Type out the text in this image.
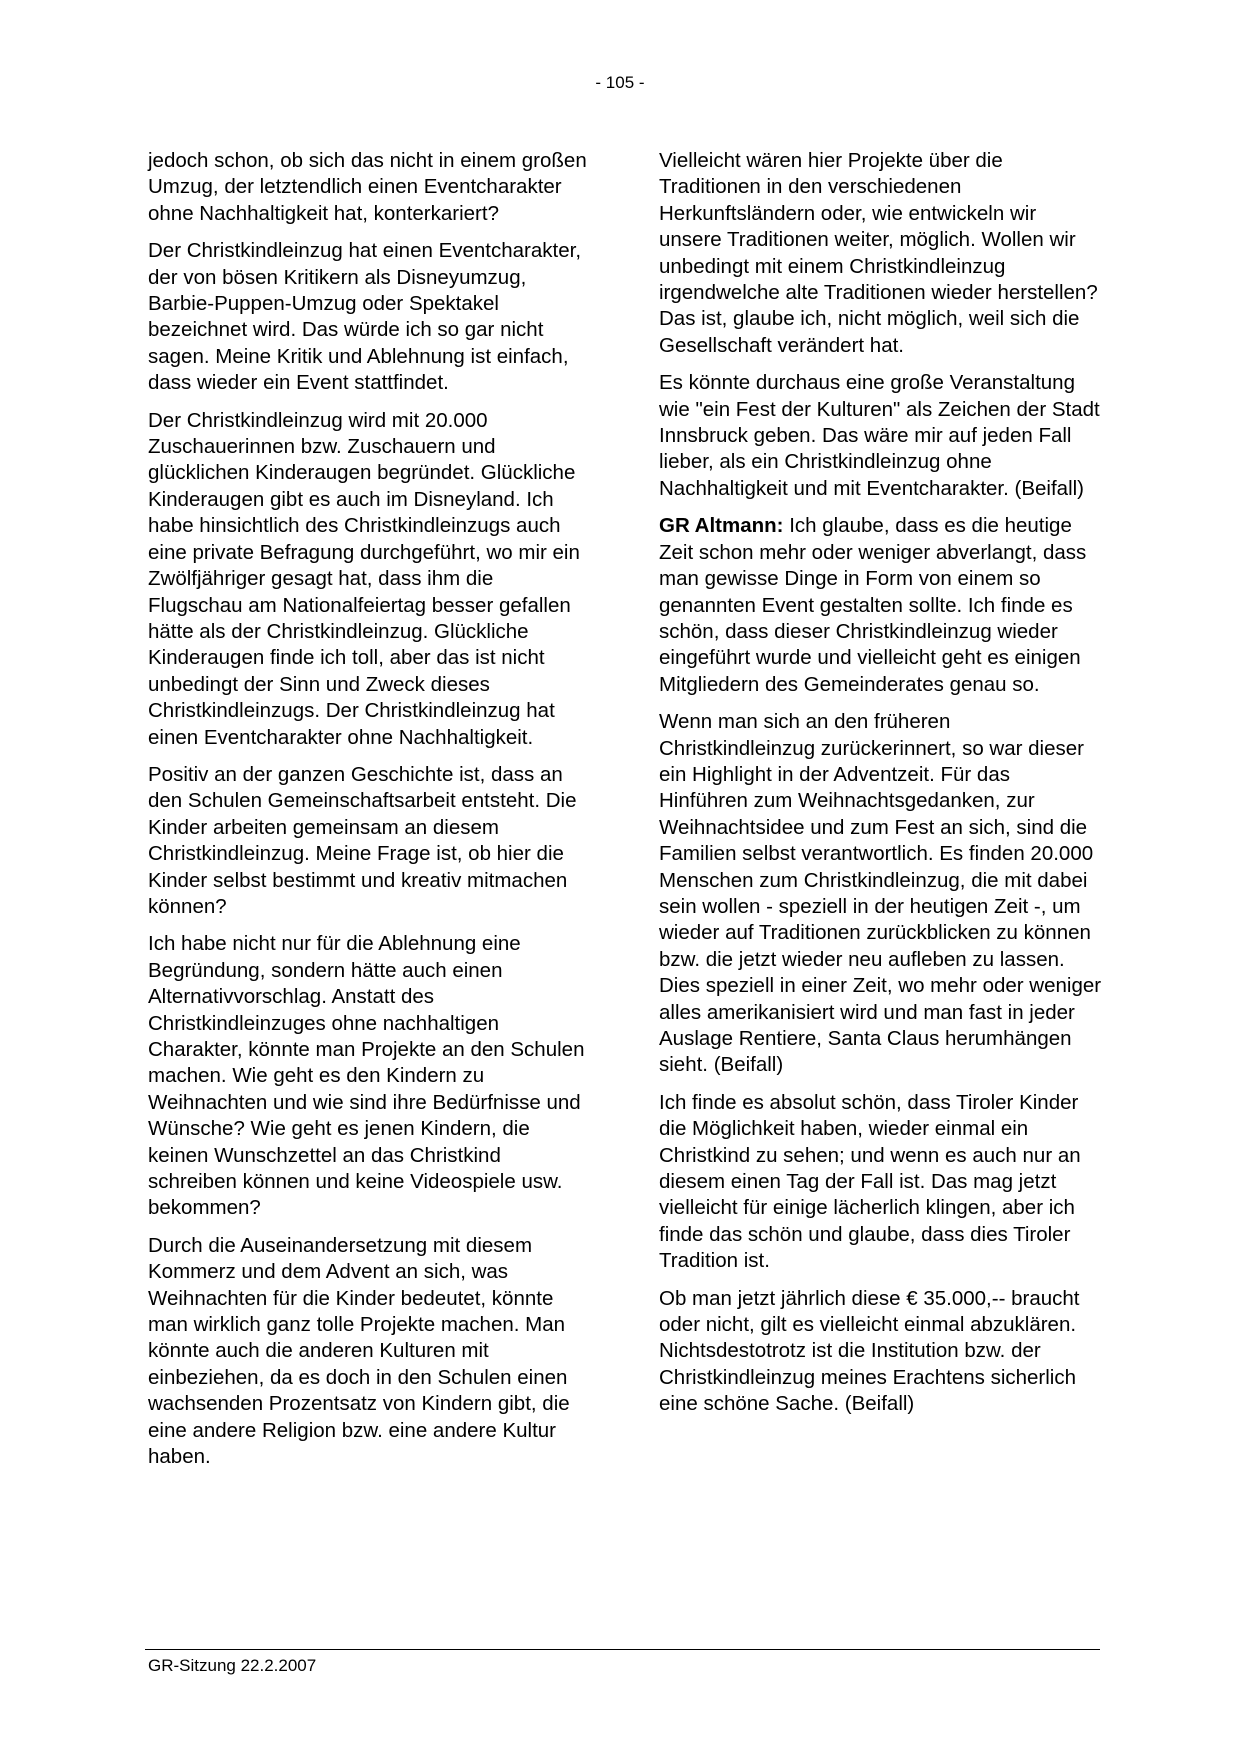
- 105 -

jedoch schon, ob sich das nicht in einem großen Umzug, der letztendlich einen Eventcharakter ohne Nachhaltigkeit hat, konterkariert?

Der Christkindleinzug hat einen Eventcharakter, der von bösen Kritikern als Disneyumzug, Barbie-Puppen-Umzug oder Spektakel bezeichnet wird. Das würde ich so gar nicht sagen. Meine Kritik und Ablehnung ist einfach, dass wieder ein Event stattfindet.

Der Christkindleinzug wird mit 20.000 Zuschauerinnen bzw. Zuschauern und glücklichen Kinderaugen begründet. Glückliche Kinderaugen gibt es auch im Disneyland. Ich habe hinsichtlich des Christkindleinzugs auch eine private Befragung durchgeführt, wo mir ein Zwölfjähriger gesagt hat, dass ihm die Flugschau am Nationalfeiertag besser gefallen hätte als der Christkindleinzug. Glückliche Kinderaugen finde ich toll, aber das ist nicht unbedingt der Sinn und Zweck dieses Christkindleinzugs. Der Christkindleinzug hat einen Eventcharakter ohne Nachhaltigkeit.

Positiv an der ganzen Geschichte ist, dass an den Schulen Gemeinschaftsarbeit entsteht. Die Kinder arbeiten gemeinsam an diesem Christkindleinzug. Meine Frage ist, ob hier die Kinder selbst bestimmt und kreativ mitmachen können?

Ich habe nicht nur für die Ablehnung eine Begründung, sondern hätte auch einen Alternativvorschlag. Anstatt des Christkindleinzuges ohne nachhaltigen Charakter, könnte man Projekte an den Schulen machen. Wie geht es den Kindern zu Weihnachten und wie sind ihre Bedürfnisse und Wünsche? Wie geht es jenen Kindern, die keinen Wunschzettel an das Christkind schreiben können und keine Videospiele usw. bekommen?

Durch die Auseinandersetzung mit diesem Kommerz und dem Advent an sich, was Weihnachten für die Kinder bedeutet, könnte man wirklich ganz tolle Projekte machen. Man könnte auch die anderen Kulturen mit einbeziehen, da es doch in den Schulen einen wachsenden Prozentsatz von Kindern gibt, die eine andere Religion bzw. eine andere Kultur haben.

Vielleicht wären hier Projekte über die Traditionen in den verschiedenen Herkunftsländern oder, wie entwickeln wir unsere Traditionen weiter, möglich. Wollen wir unbedingt mit einem Christkindleinzug irgendwelche alte Traditionen wieder herstellen? Das ist, glaube ich, nicht möglich, weil sich die Gesellschaft verändert hat.

Es könnte durchaus eine große Veranstaltung wie "ein Fest der Kulturen" als Zeichen der Stadt Innsbruck geben. Das wäre mir auf jeden Fall lieber, als ein Christkindleinzug ohne Nachhaltigkeit und mit Eventcharakter. (Beifall)

GR Altmann: Ich glaube, dass es die heutige Zeit schon mehr oder weniger abverlangt, dass man gewisse Dinge in Form von einem so genannten Event gestalten sollte. Ich finde es schön, dass dieser Christkindleinzug wieder eingeführt wurde und vielleicht geht es einigen Mitgliedern des Gemeinderates genau so.

Wenn man sich an den früheren Christkindleinzug zurückerinnert, so war dieser ein Highlight in der Adventzeit. Für das Hinführen zum Weihnachtsgedanken, zur Weihnachtsidee und zum Fest an sich, sind die Familien selbst verantwortlich. Es finden 20.000 Menschen zum Christkindleinzug, die mit dabei sein wollen - speziell in der heutigen Zeit -, um wieder auf Traditionen zurückblicken zu können bzw. die jetzt wieder neu aufleben zu lassen. Dies speziell in einer Zeit, wo mehr oder weniger alles amerikanisiert wird und man fast in jeder Auslage Rentiere, Santa Claus herumhängen sieht. (Beifall)

Ich finde es absolut schön, dass Tiroler Kinder die Möglichkeit haben, wieder einmal ein Christkind zu sehen; und wenn es auch nur an diesem einen Tag der Fall ist. Das mag jetzt vielleicht für einige lächerlich klingen, aber ich finde das schön und glaube, dass dies Tiroler Tradition ist.

Ob man jetzt jährlich diese € 35.000,-- braucht oder nicht, gilt es vielleicht einmal abzuklären. Nichtsdestotrotz ist die Institution bzw. der Christkindleinzug meines Erachtens sicherlich eine schöne Sache. (Beifall)

GR-Sitzung 22.2.2007
